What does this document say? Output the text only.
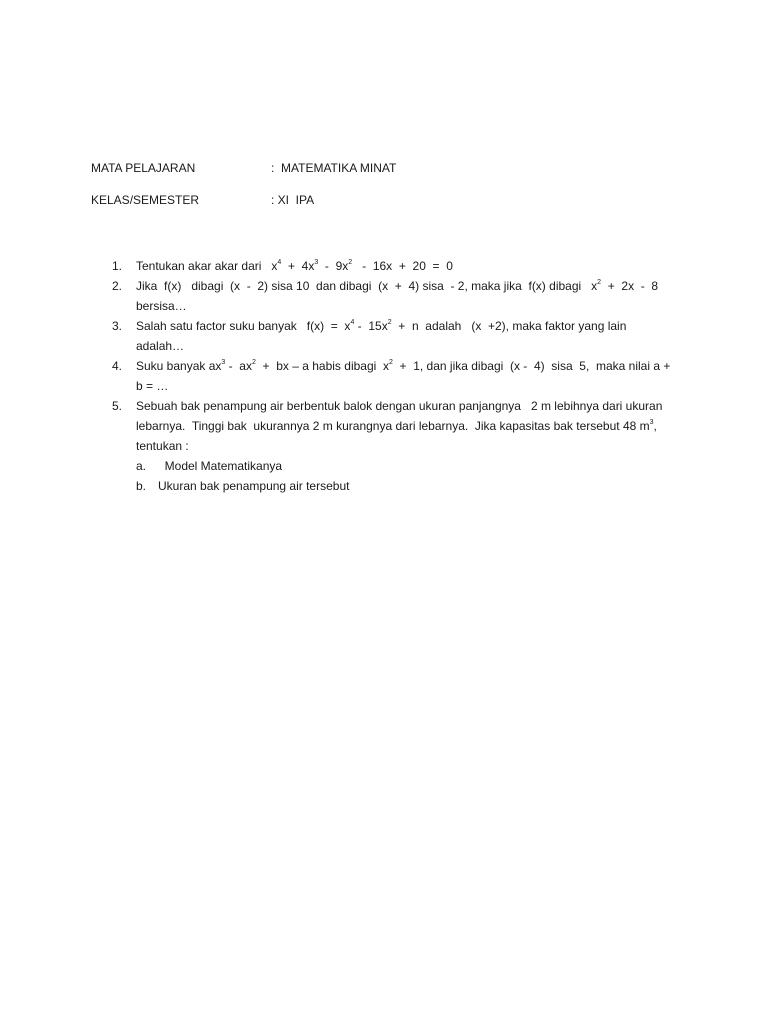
MATA PELAJARAN	:  MATEMATIKA MINAT
KELAS/SEMESTER	: XI  IPA
1. Tentukan akar akar dari   $x^4 + 4x^3 - 9x^2 - 16x + 20 = 0$
2. Jika  f(x)   dibagi  (x  -  2) sisa 10  dan dibagi  (x  +  4) sisa  - 2, maka jika  f(x) dibagi   $x^2 + 2x - 8$ bersisa…
3. Salah satu factor suku banyak   $f(x) = x^4 - 15x^2 + n$  adalah   (x  +2), maka faktor yang lain adalah…
4. Suku banyak $ax^3 - ax^2$  +  bx – a habis dibagi  $x^2 + 1$, dan jika dibagi  (x -  4)  sisa  5,  maka nilai a + b = …
5. Sebuah bak penampung air berbentuk balok dengan ukuran panjangnya   2 m lebihnya dari ukuran lebarnya.  Tinggi bak  ukurannya 2 m kurangnya dari lebarnya.  Jika kapasitas bak tersebut 48 $m^3$,  tentukan :
a. Model Matematikanya
b. Ukuran bak penampung air tersebut
